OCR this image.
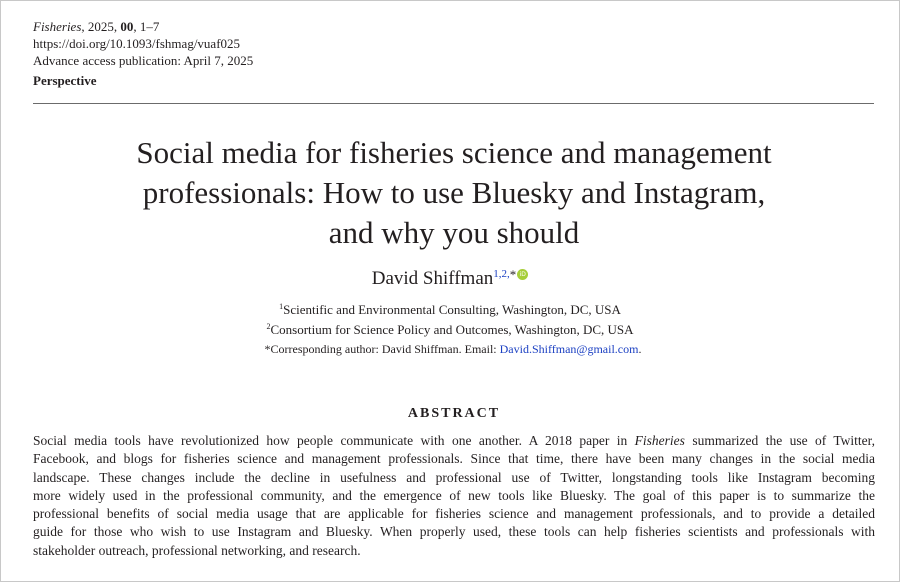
Fisheries, 2025, 00, 1–7
https://doi.org/10.1093/fshmag/vuaf025
Advance access publication: April 7, 2025
Perspective
Social media for fisheries science and management
professionals: How to use Bluesky and Instagram,
and why you should
David Shiffman$^{1,2,*}$ iD
$^1$Scientific and Environmental Consulting, Washington, DC, USA
$^2$Consortium for Science Policy and Outcomes, Washington, DC, USA
*Corresponding author: David Shiffman. Email: David.Shiffman@gmail.com.
ABSTRACT
Social media tools have revolutionized how people communicate with one another. A 2018 paper in Fisheries summarized the use of Twitter,
Facebook, and blogs for fisheries science and management professionals. Since that time, there have been many changes in the social media
landscape. These changes include the decline in usefulness and professional use of Twitter, longstanding tools like Instagram becoming
more widely used in the professional community, and the emergence of new tools like Bluesky. The goal of this paper is to summarize the
professional benefits of social media usage that are applicable for fisheries science and management professionals, and to provide a detailed
guide for those who wish to use Instagram and Bluesky. When properly used, these tools can help fisheries scientists and professionals with
stakeholder outreach, professional networking, and research.
